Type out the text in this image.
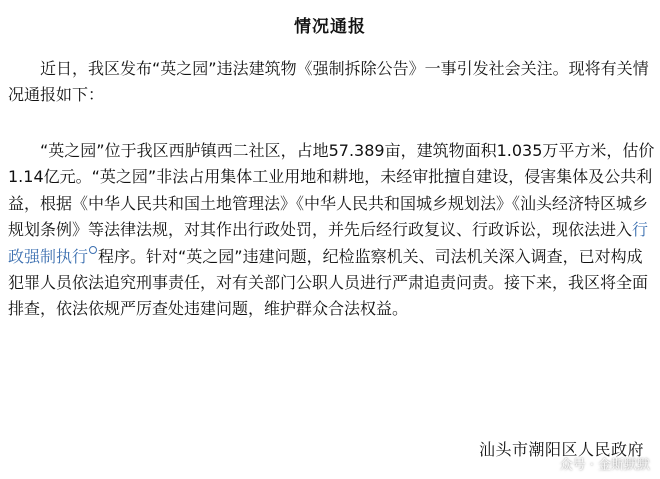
情况通报

近日，我区发布“英之园”违法建筑物《强制拆除公告》一事引发社会关注。现将有关情况通报如下：

“英之园”位于我区西胪镇西二社区，占地57.389亩，建筑物面积1.035万平方米，估价1.14亿元。“英之园”非法占用集体工业用地和耕地，未经审批擅自建设，侵害集体及公共利益，根据《中华人民共和国土地管理法》《中华人民共和国城乡规划法》《汕头经济特区城乡规划条例》等法律法规，对其作出行政处罚，并先后经行政复议、行政诉讼，现依法进入行政强制执行 程序。针对“英之园”违建问题，纪检监察机关、司法机关深入调查，已对构成犯罪人员依法追究刑事责任，对有关部门公职人员进行严肃追责问责。接下来，我区将全面排查，依法依规严厉查处违建问题，维护群众合法权益。

汕头市潮阳区人民政府
众号 · 金斯默默
